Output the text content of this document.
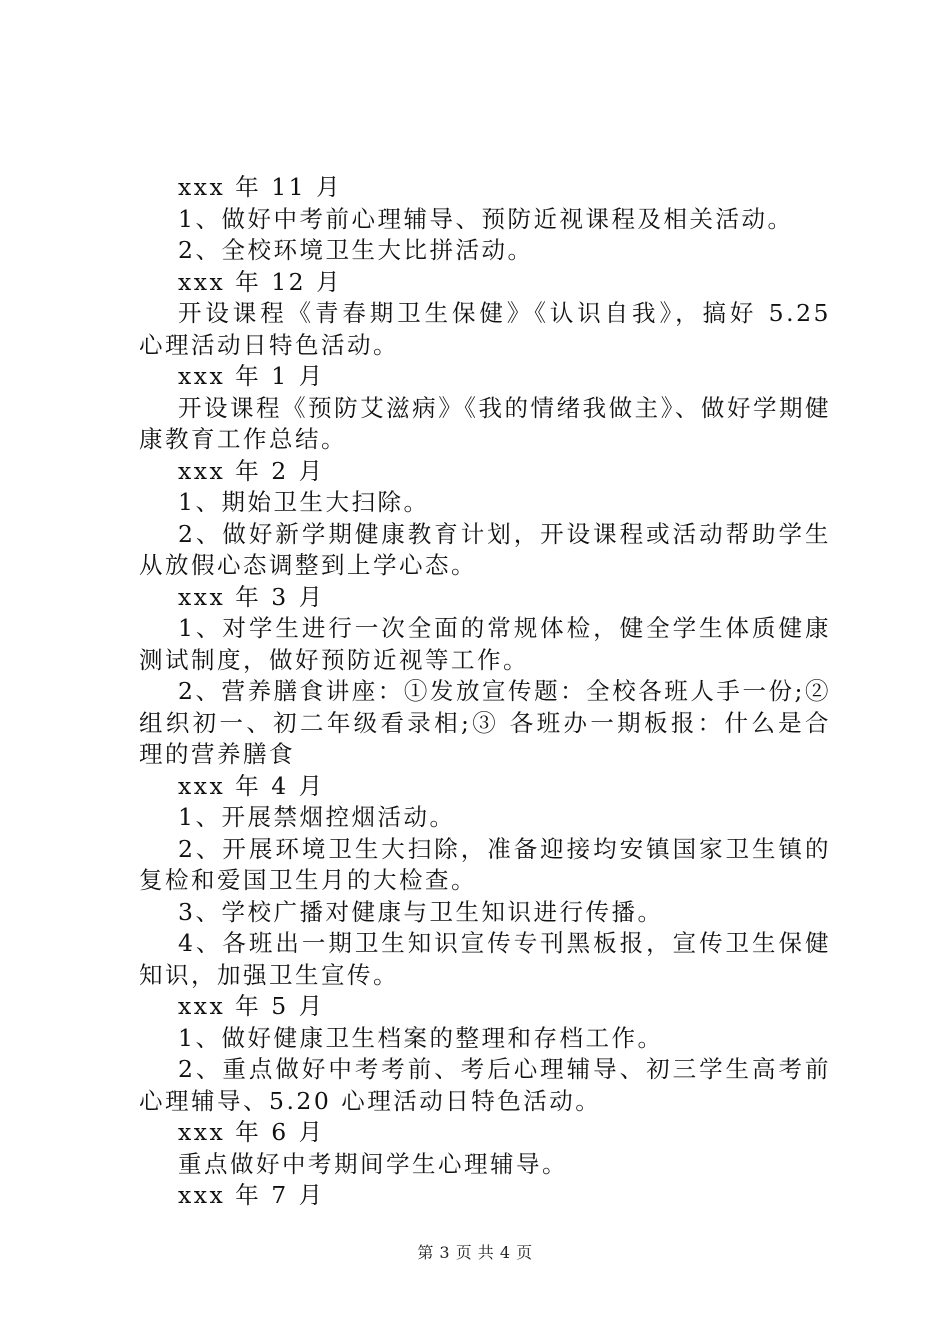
xxx 年 11 月

1、做好中考前心理辅导、预防近视课程及相关活动。

2、全校环境卫生大比拼活动。

xxx 年 12 月

开设课程《青春期卫生保健》《认识自我》，搞好 5.25 心理活动日特色活动。

xxx 年 1 月

开设课程《预防艾滋病》《我的情绪我做主》、做好学期健康教育工作总结。

xxx 年 2 月

1、期始卫生大扫除。

2、做好新学期健康教育计划，开设课程或活动帮助学生从放假心态调整到上学心态。

xxx 年 3 月

1、对学生进行一次全面的常规体检，健全学生体质健康测试制度，做好预防近视等工作。

2、营养膳食讲座：①发放宣传题：全校各班人手一份;②组织初一、初二年级看录相;③ 各班办一期板报：什么是合理的营养膳食

xxx 年 4 月

1、开展禁烟控烟活动。

2、开展环境卫生大扫除，准备迎接均安镇国家卫生镇的复检和爱国卫生月的大检查。

3、学校广播对健康与卫生知识进行传播。

4、各班出一期卫生知识宣传专刊黑板报，宣传卫生保健知识，加强卫生宣传。

xxx 年 5 月

1、做好健康卫生档案的整理和存档工作。

2、重点做好中考考前、考后心理辅导、初三学生高考前心理辅导、5.20 心理活动日特色活动。

xxx 年 6 月

重点做好中考期间学生心理辅导。

xxx 年 7 月

第 3 页 共 4 页
